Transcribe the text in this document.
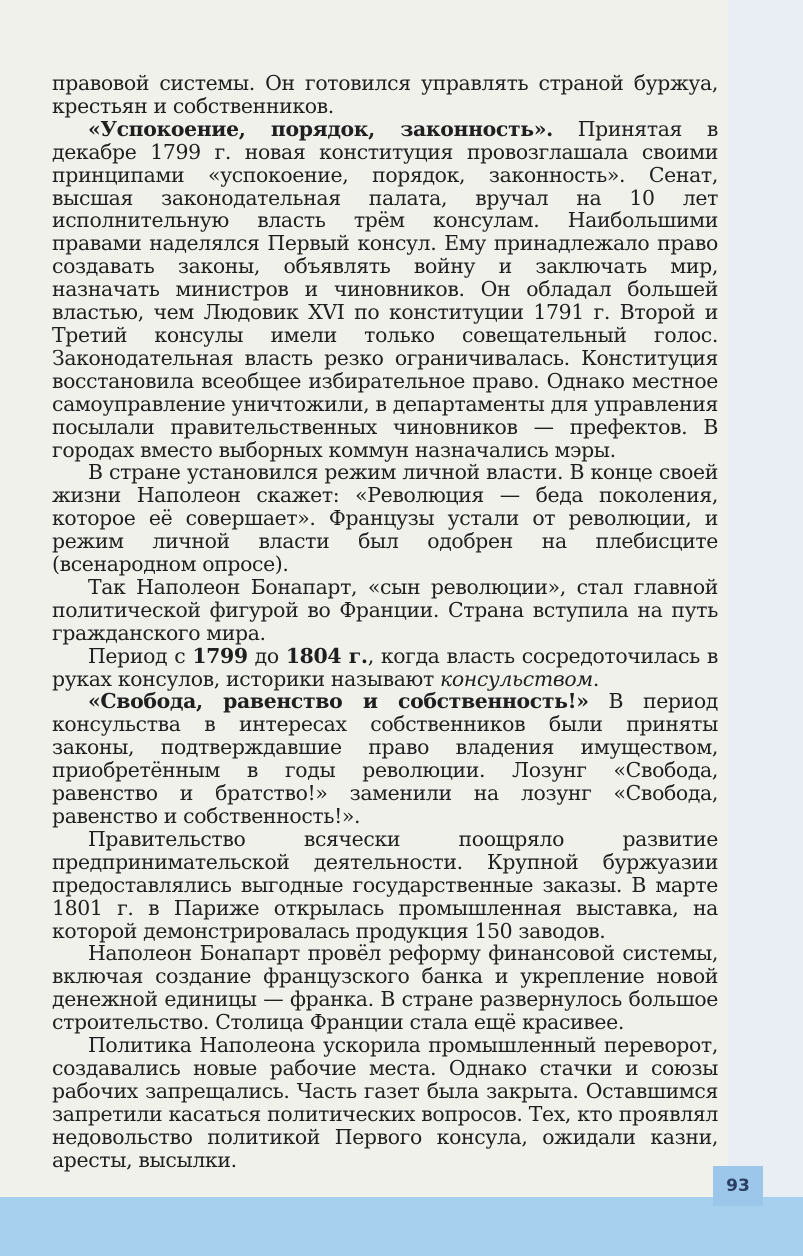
правовой системы. Он готовился управлять страной буржуа, крестьян и собственников.

«Успокоение, порядок, законность». Принятая в декабре 1799 г. новая конституция провозглашала своими принципами «успокоение, порядок, законность». Сенат, высшая законодательная палата, вручал на 10 лет исполнительную власть трём консулам. Наибольшими правами наделялся Первый консул. Ему принадлежало право создавать законы, объявлять войну и заключать мир, назначать министров и чиновников. Он обладал большей властью, чем Людовик XVI по конституции 1791 г. Второй и Третий консулы имели только совещательный голос. Законодательная власть резко ограничивалась. Конституция восстановила всеобщее избирательное право. Однако местное самоуправление уничтожили, в департаменты для управления посылали правительственных чиновников — префектов. В городах вместо выборных коммун назначались мэры.

В стране установился режим личной власти. В конце своей жизни Наполеон скажет: «Революция — беда поколения, которое её совершает». Французы устали от революции, и режим личной власти был одобрен на плебисците (всенародном опросе).

Так Наполеон Бонапарт, «сын революции», стал главной политической фигурой во Франции. Страна вступила на путь гражданского мира.

Период с 1799 до 1804 г., когда власть сосредоточилась в руках консулов, историки называют консульством.

«Свобода, равенство и собственность!» В период консульства в интересах собственников были приняты законы, подтверждавшие право владения имуществом, приобретённым в годы революции. Лозунг «Свобода, равенство и братство!» заменили на лозунг «Свобода, равенство и собственность!».

Правительство всячески поощряло развитие предпринимательской деятельности. Крупной буржуазии предоставлялись выгодные государственные заказы. В марте 1801 г. в Париже открылась промышленная выставка, на которой демонстрировалась продукция 150 заводов.

Наполеон Бонапарт провёл реформу финансовой системы, включая создание французского банка и укрепление новой денежной единицы — франка. В стране развернулось большое строительство. Столица Франции стала ещё красивее.

Политика Наполеона ускорила промышленный переворот, создавались новые рабочие места. Однако стачки и союзы рабочих запрещались. Часть газет была закрыта. Оставшимся запретили касаться политических вопросов. Тех, кто проявлял недовольство политикой Первого консула, ожидали казни, аресты, высылки.

93
